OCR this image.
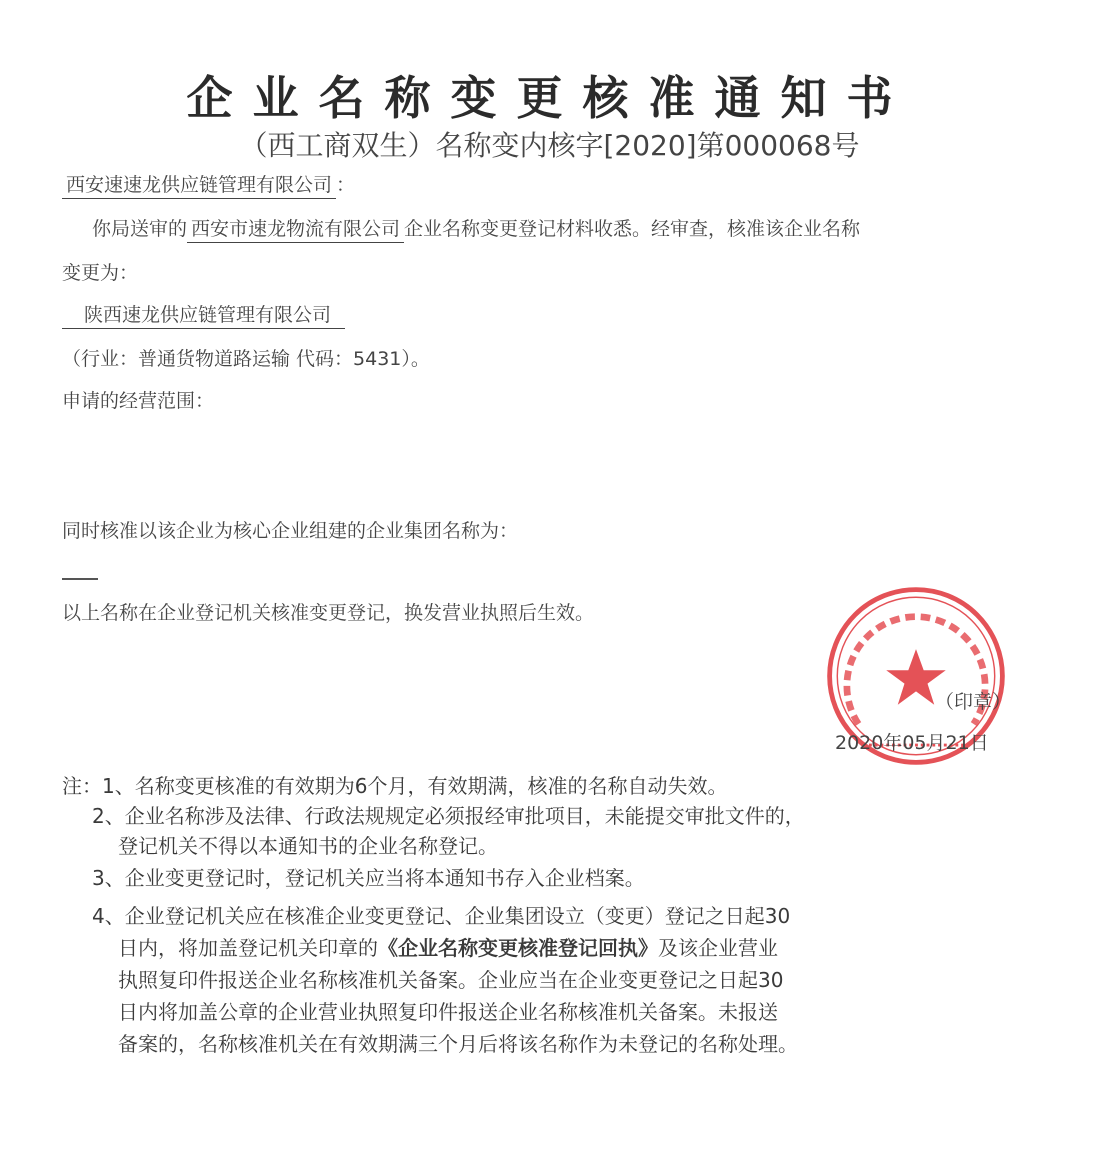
企业名称变更核准通知书
（西工商双生）名称变内核字[2020]第000068号
西安速速龙供应链管理有限公司 ：
你局送审的 西安市速龙物流有限公司 企业名称变更登记材料收悉。经审查，核准该企业名称
变更为：
陕西速龙供应链管理有限公司
（行业：普通货物道路运输 代码：5431）。
申请的经营范围：
同时核准以该企业为核心企业组建的企业集团名称为：
以上名称在企业登记机关核准变更登记，换发营业执照后生效。
（印章）
2020年05月21日
注：1、名称变更核准的有效期为6个月，有效期满，核准的名称自动失效。
2、企业名称涉及法律、行政法规规定必须报经审批项目，未能提交审批文件的，
登记机关不得以本通知书的企业名称登记。
3、企业变更登记时，登记机关应当将本通知书存入企业档案。
4、企业登记机关应在核准企业变更登记、企业集团设立（变更）登记之日起30
日内，将加盖登记机关印章的《企业名称变更核准登记回执》及该企业营业
执照复印件报送企业名称核准机关备案。企业应当在企业变更登记之日起30
日内将加盖公章的企业营业执照复印件报送企业名称核准机关备案。未报送
备案的，名称核准机关在有效期满三个月后将该名称作为未登记的名称处理。
